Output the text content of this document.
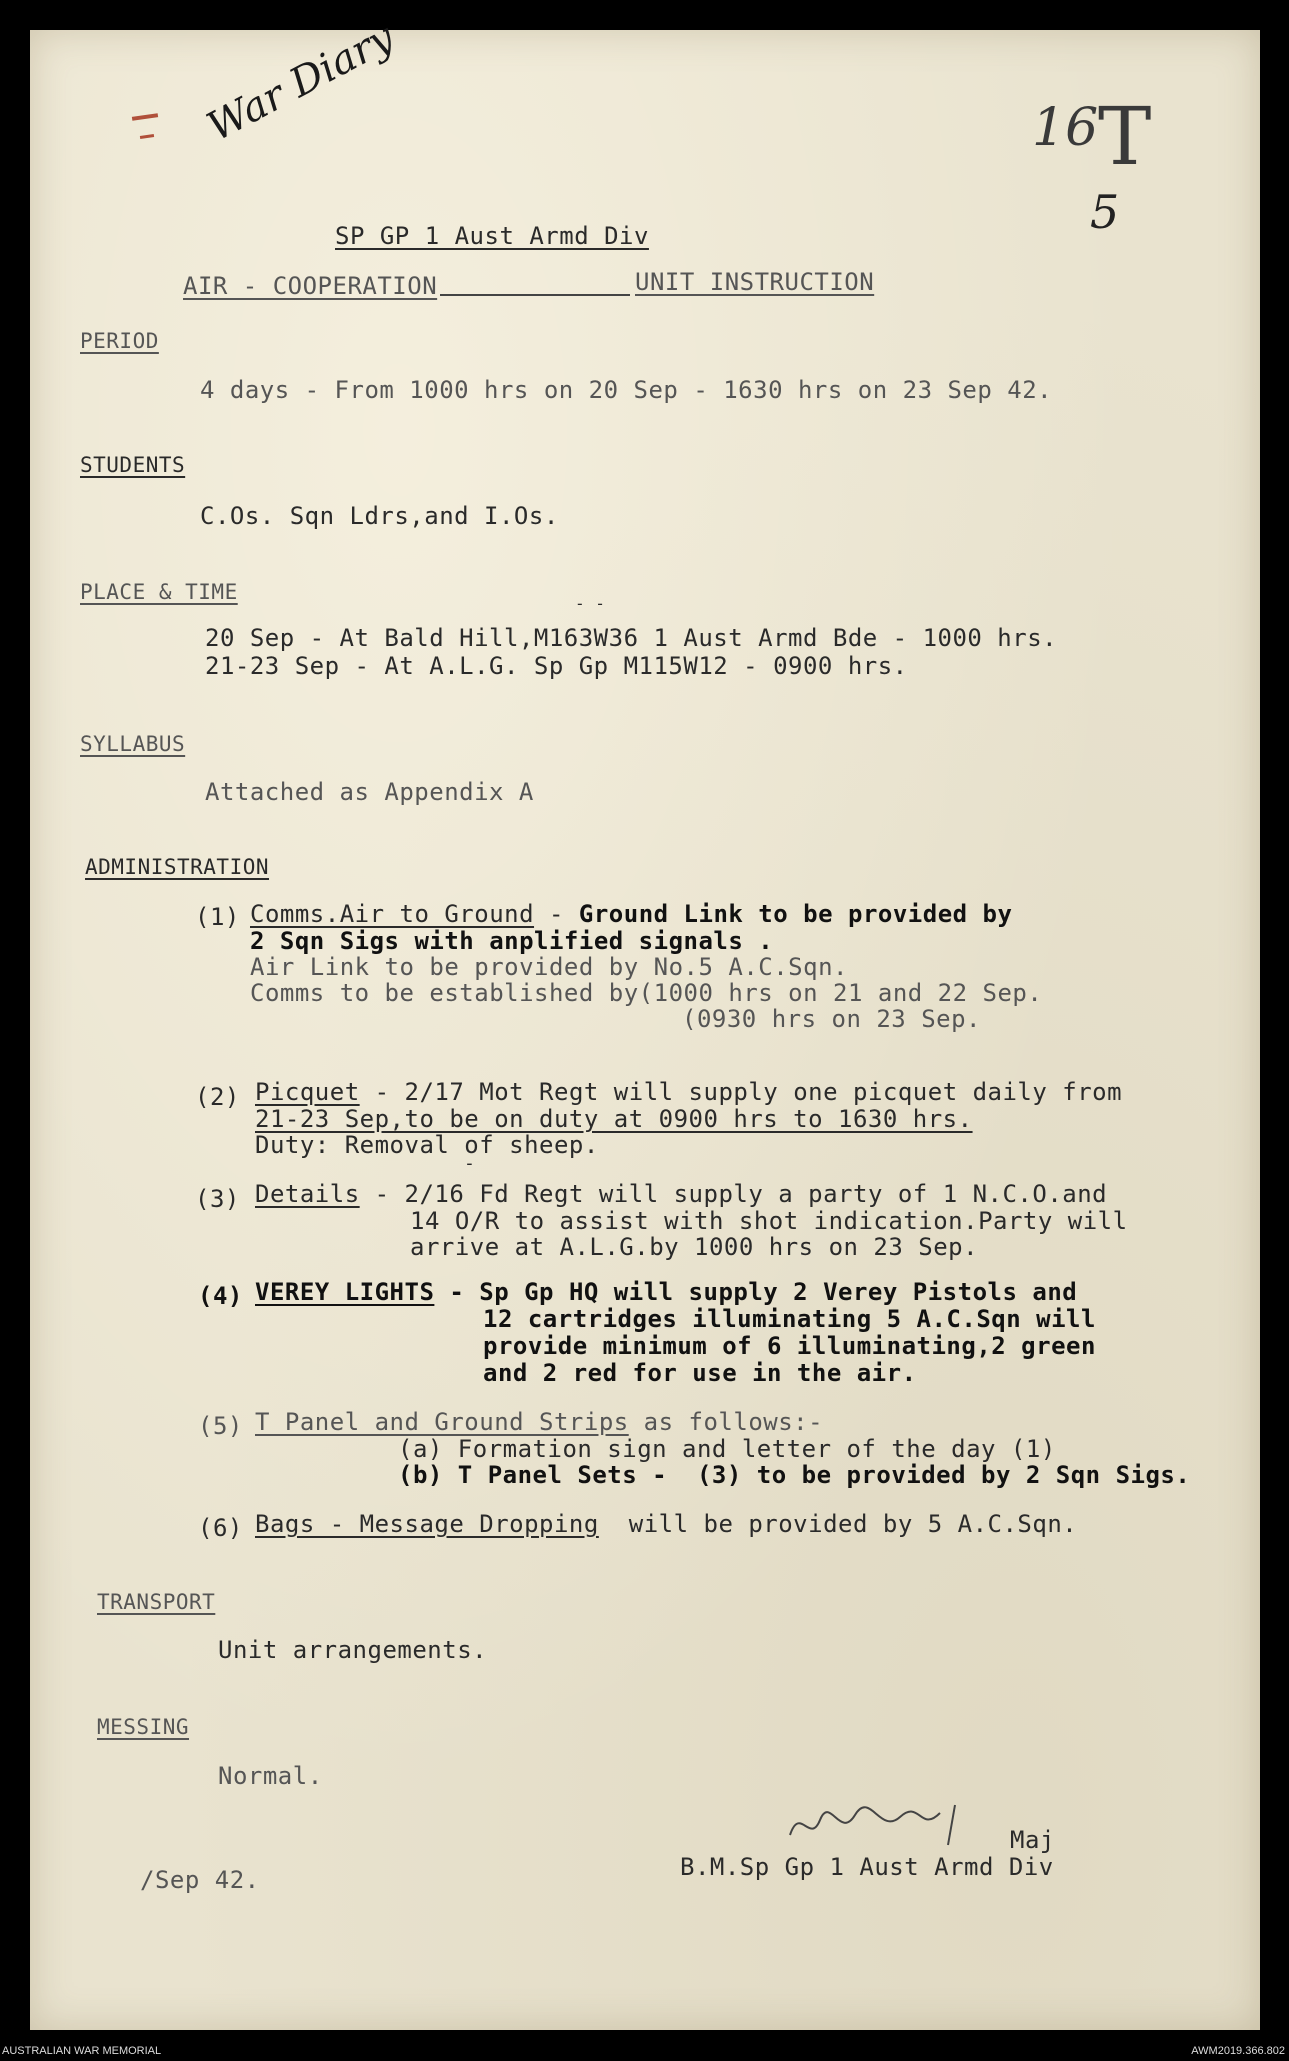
War Diary	16 T
5
SP GP 1 Aust Armd Div
AIR - COOPERATION	UNIT INSTRUCTION
PERIOD
4 days - From 1000 hrs on 20 Sep - 1630 hrs on 23 Sep 42.
STUDENTS
C.Os. Sqn Ldrs,and I.Os.
PLACE & TIME	- -
20 Sep - At Bald Hill,M163W36 1 Aust Armd Bde - 1000 hrs.
21-23 Sep - At A.L.G. Sp Gp M115W12 - 0900 hrs.
SYLLABUS
Attached as Appendix A
ADMINISTRATION
(1) Comms.Air to Ground - Ground Link to be provided by
2 Sqn Sigs with anplified signals .
Air Link to be provided by No.5 A.C.Sqn.
Comms to be established by(1000 hrs on 21 and 22 Sep.
(0930 hrs on 23 Sep.
(2) Picquet - 2/17 Mot Regt will supply one picquet daily from
21-23 Sep,to be on duty at 0900 hrs to 1630 hrs.
Duty: Removal of sheep.
-
(3) Details - 2/16 Fd Regt will supply a party of 1 N.C.O.and
14 O/R to assist with shot indication.Party will
arrive at A.L.G.by 1000 hrs on 23 Sep.
(4) VEREY LIGHTS - Sp Gp HQ will supply 2 Verey Pistols and
12 cartridges illuminating 5 A.C.Sqn will
provide minimum of 6 illuminating,2 green
and 2 red for use in the air.
(5) T Panel and Ground Strips as follows:-
(a) Formation sign and letter of the day (1)
(b) T Panel Sets -  (3) to be provided by 2 Sqn Sigs.
(6) Bags - Message Dropping  will be provided by 5 A.C.Sqn.
TRANSPORT
Unit arrangements.
MESSING
Normal.
Maj
B.M.Sp Gp 1 Aust Armd Div
/Sep 42.
AUSTRALIAN WAR MEMORIAL	AWM2019.366.802
